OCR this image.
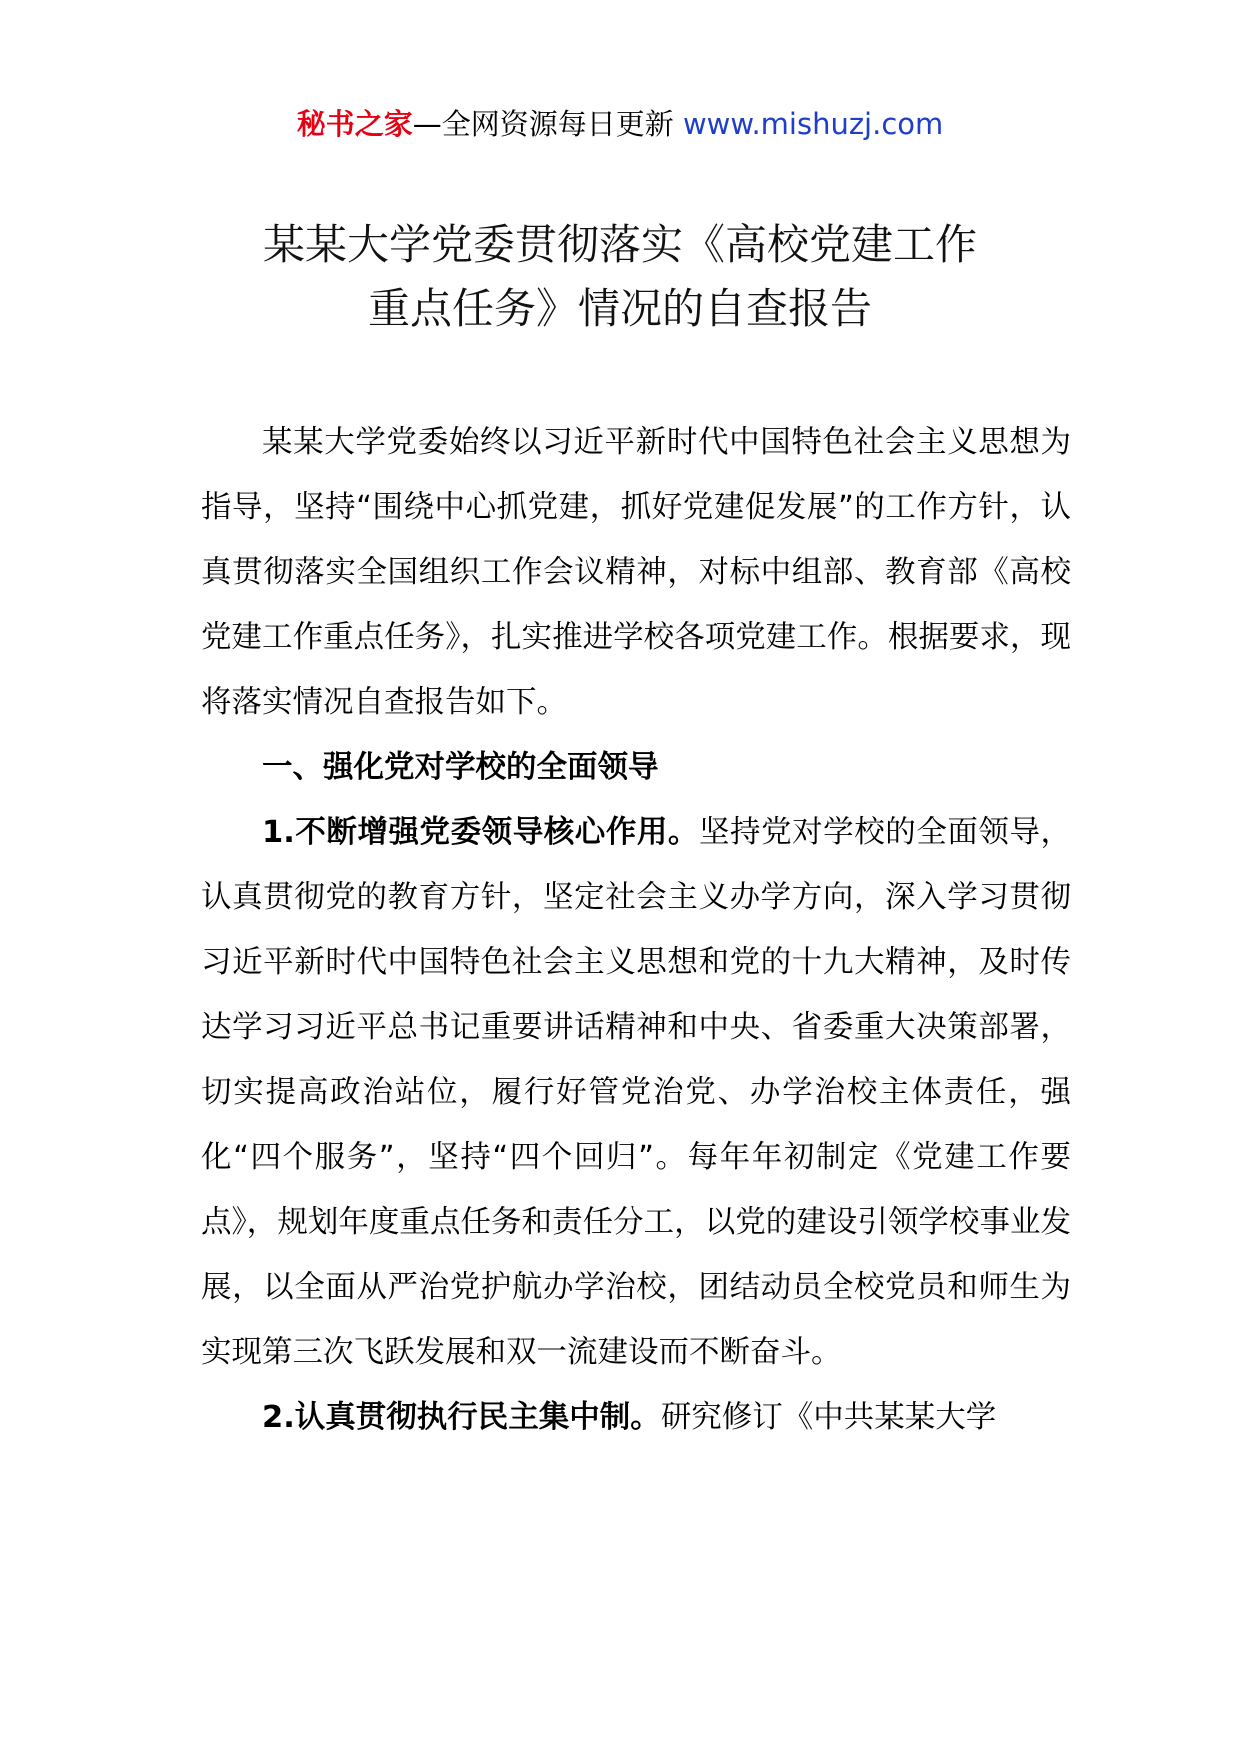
秘书之家—全网资源每日更新 www.mishuzj.com
某某大学党委贯彻落实《高校党建工作
重点任务》情况的自查报告

某某大学党委始终以习近平新时代中国特色社会主义思想为指导，坚持“围绕中心抓党建，抓好党建促发展”的工作方针，认真贯彻落实全国组织工作会议精神，对标中组部、教育部《高校党建工作重点任务》，扎实推进学校各项党建工作。根据要求，现将落实情况自查报告如下。

一、强化党对学校的全面领导

1.不断增强党委领导核心作用。坚持党对学校的全面领导，认真贯彻党的教育方针，坚定社会主义办学方向，深入学习贯彻习近平新时代中国特色社会主义思想和党的十九大精神，及时传达学习习近平总书记重要讲话精神和中央、省委重大决策部署，切实提高政治站位，履行好管党治党、办学治校主体责任，强化“四个服务”，坚持“四个回归”。每年年初制定《党建工作要点》，规划年度重点任务和责任分工，以党的建设引领学校事业发展，以全面从严治党护航办学治校，团结动员全校党员和师生为实现第三次飞跃发展和双一流建设而不断奋斗。

2.认真贯彻执行民主集中制。研究修订《中共某某大学
